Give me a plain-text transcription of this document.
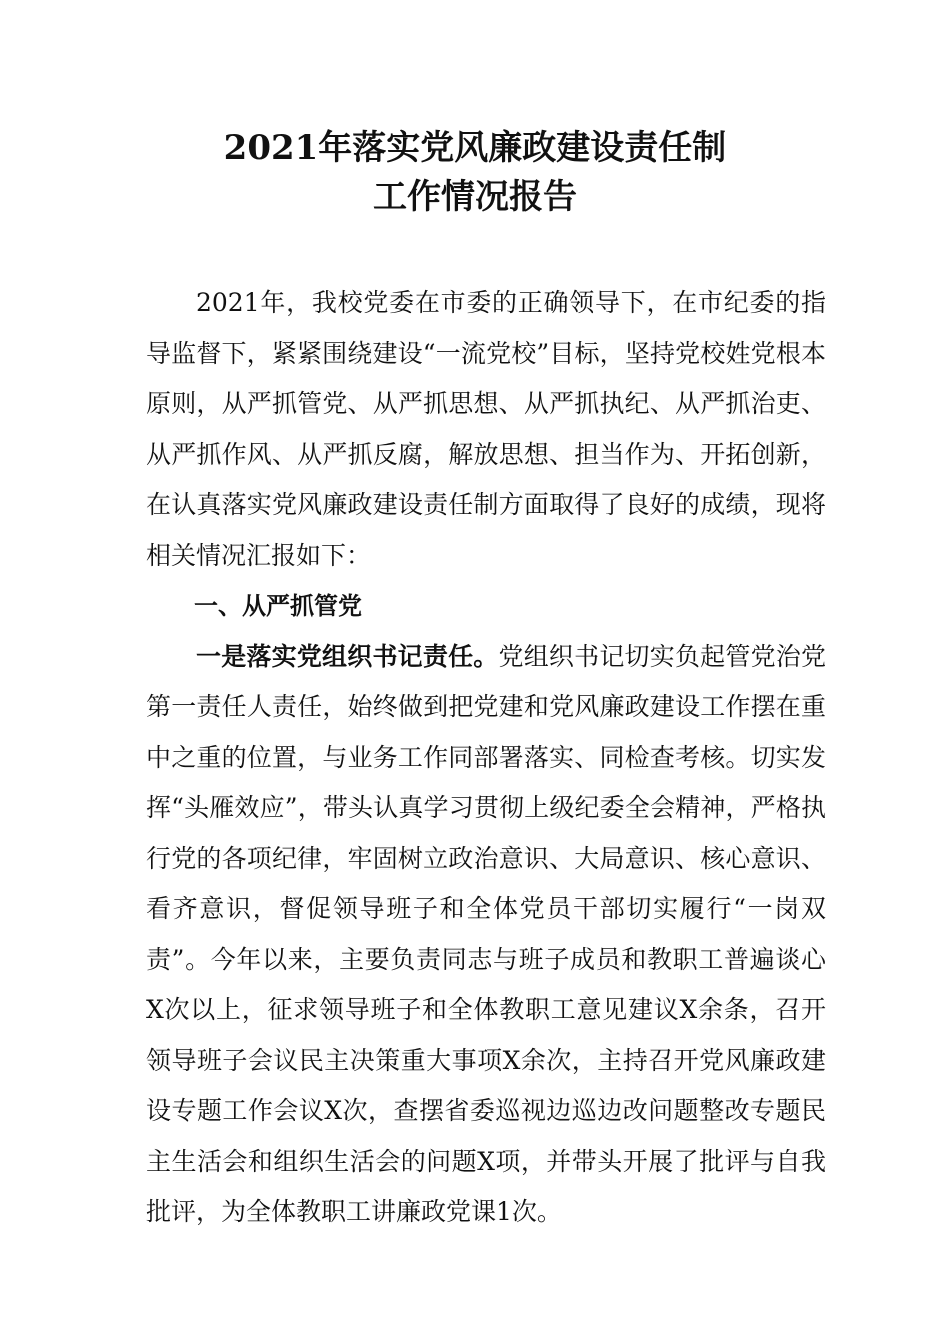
2021年落实党风廉政建设责任制
工作情况报告

2021年，我校党委在市委的正确领导下，在市纪委的指导监督下，紧紧围绕建设“一流党校”目标，坚持党校姓党根本原则，从严抓管党、从严抓思想、从严抓执纪、从严抓治吏、从严抓作风、从严抓反腐，解放思想、担当作为、开拓创新，在认真落实党风廉政建设责任制方面取得了良好的成绩，现将相关情况汇报如下：

一、从严抓管党

一是落实党组织书记责任。党组织书记切实负起管党治党第一责任人责任，始终做到把党建和党风廉政建设工作摆在重中之重的位置，与业务工作同部署落实、同检查考核。切实发挥“头雁效应”，带头认真学习贯彻上级纪委全会精神，严格执行党的各项纪律，牢固树立政治意识、大局意识、核心意识、看齐意识，督促领导班子和全体党员干部切实履行“一岗双责”。今年以来，主要负责同志与班子成员和教职工普遍谈心X次以上，征求领导班子和全体教职工意见建议X余条，召开领导班子会议民主决策重大事项X余次，主持召开党风廉政建设专题工作会议X次，查摆省委巡视边巡边改问题整改专题民主生活会和组织生活会的问题X项，并带头开展了批评与自我批评，为全体教职工讲廉政党课1次。
